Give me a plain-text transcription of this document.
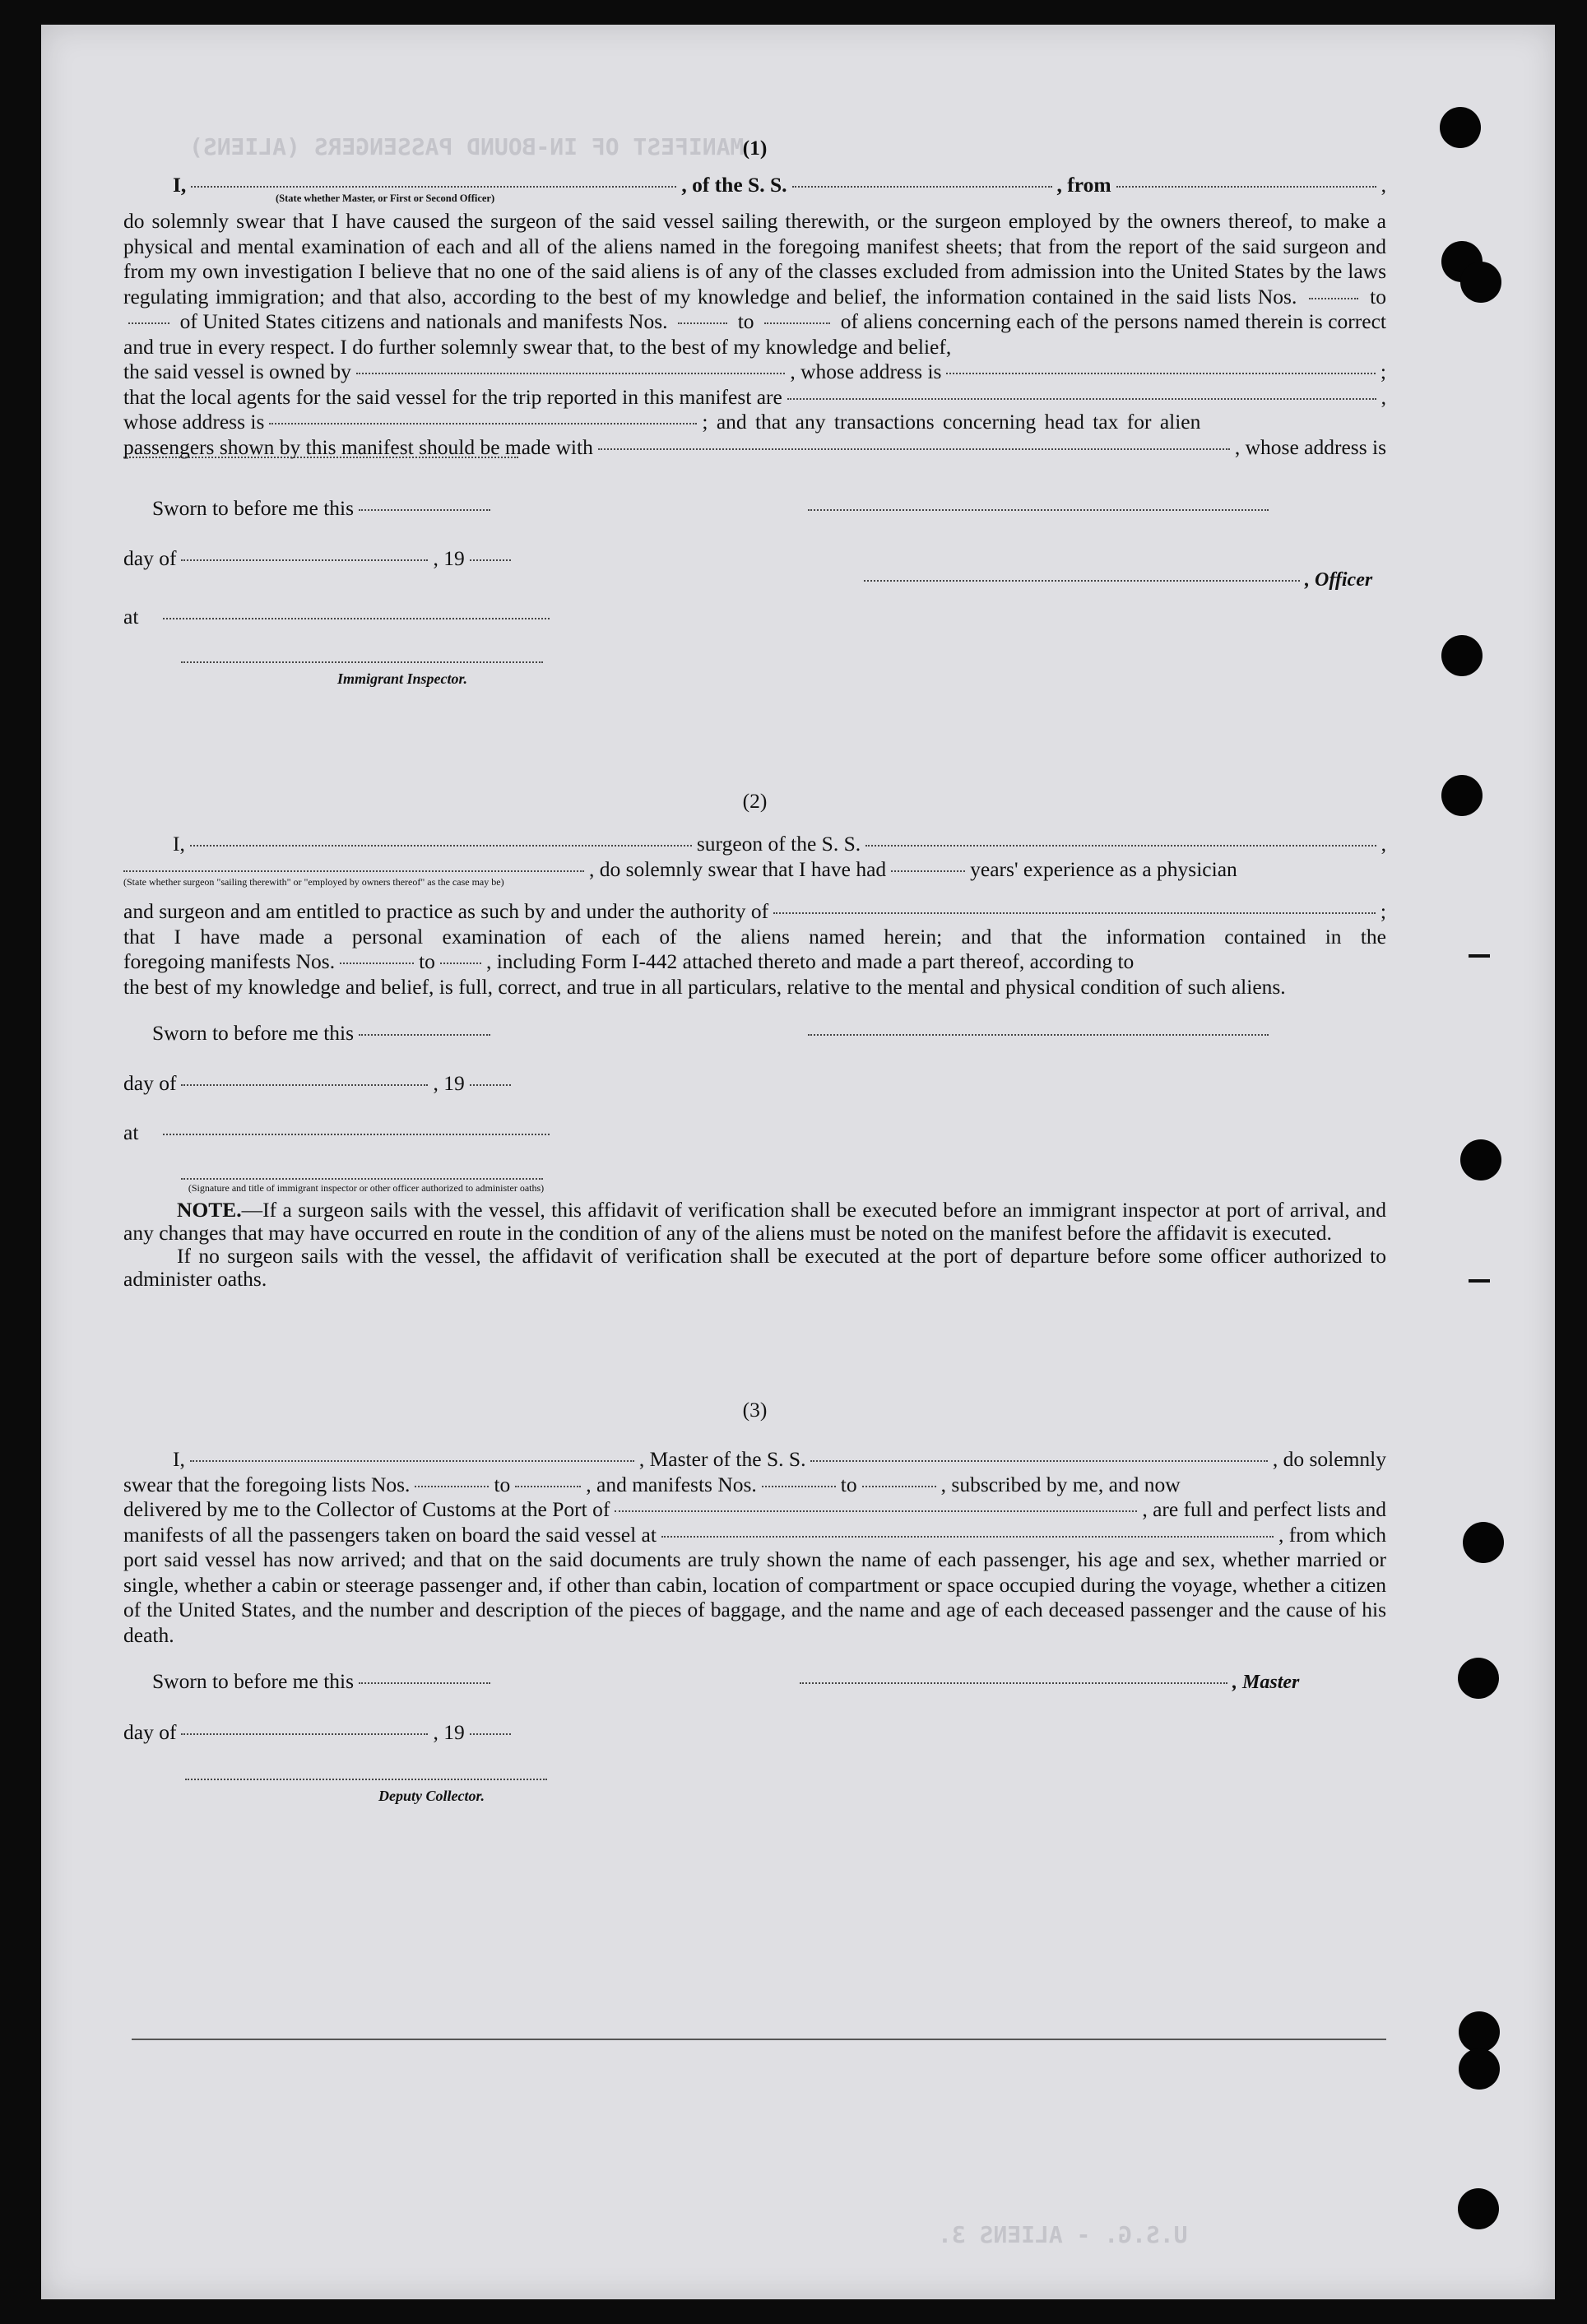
MANIFEST OF IN-BOUND PASSENGERS (ALIENS)
U.S.G. - ALIENS 3.
(1)
I,	, of the S. S.	, from	,
(State whether Master, or First or Second Officer)
do solemnly swear that I have caused the surgeon of the said vessel sailing therewith, or the surgeon employed by the owners thereof, to make a physical and mental examination of each and all of the aliens named in the foregoing manifest sheets; that from the report of the said surgeon and from my own investigation I believe that no one of the said aliens is of any of the classes excluded from admission into the United States by the laws regulating immigration; and that also, according to the best of my knowledge and belief, the information contained in the said lists Nos.	to  of United States citizens and nationals and manifests Nos.	to	of aliens concerning each of the persons named therein is correct and true in every respect. I do further solemnly swear that, to the best of my knowledge and belief,
the said vessel is owned by	, whose address is	;
that the local agents for the said vessel for the trip reported in this manifest are	,
whose address is	; and that any transactions concerning head tax for alien
passengers shown by this manifest should be made with	, whose address is
Sworn to before me this
day of	, 19
, Officer
at
Immigrant Inspector.
(2)
I,	surgeon of the S. S.	,
, do solemnly swear that I have had	years' experience as a physician
(State whether surgeon "sailing therewith" or "employed by owners thereof" as the case may be)
and surgeon and am entitled to practice as such by and under the authority of	;
that I have made a personal examination of each of the aliens named herein; and that the information contained in the
foregoing manifests Nos.	to , including Form I-442 attached thereto and made a part thereof, according to
the best of my knowledge and belief, is full, correct, and true in all particulars, relative to the mental and physical condition of such aliens.
Sworn to before me this
day of	, 19
at
(Signature and title of immigrant inspector or other officer authorized to administer oaths)
NOTE.—If a surgeon sails with the vessel, this affidavit of verification shall be executed before an immigrant inspector at port of arrival, and any changes that may have occurred en route in the condition of any of the aliens must be noted on the manifest before the affidavit is executed.
If no surgeon sails with the vessel, the affidavit of verification shall be executed at the port of departure before some officer authorized to administer oaths.
(3)
I,	, Master of the S. S.	, do solemnly
swear that the foregoing lists Nos.	to	, and manifests Nos.	to	, subscribed by me, and now
delivered by me to the Collector of Customs at the Port of	, are full and perfect lists and
manifests of all the passengers taken on board the said vessel at	, from which
port said vessel has now arrived; and that on the said documents are truly shown the name of each passenger, his age and sex, whether married or single, whether a cabin or steerage passenger and, if other than cabin, location of compartment or space occupied during the voyage, whether a citizen of the United States, and the number and description of the pieces of baggage, and the name and age of each deceased passenger and the cause of his death.
Sworn to before me this	, Master
day of	, 19
Deputy Collector.
